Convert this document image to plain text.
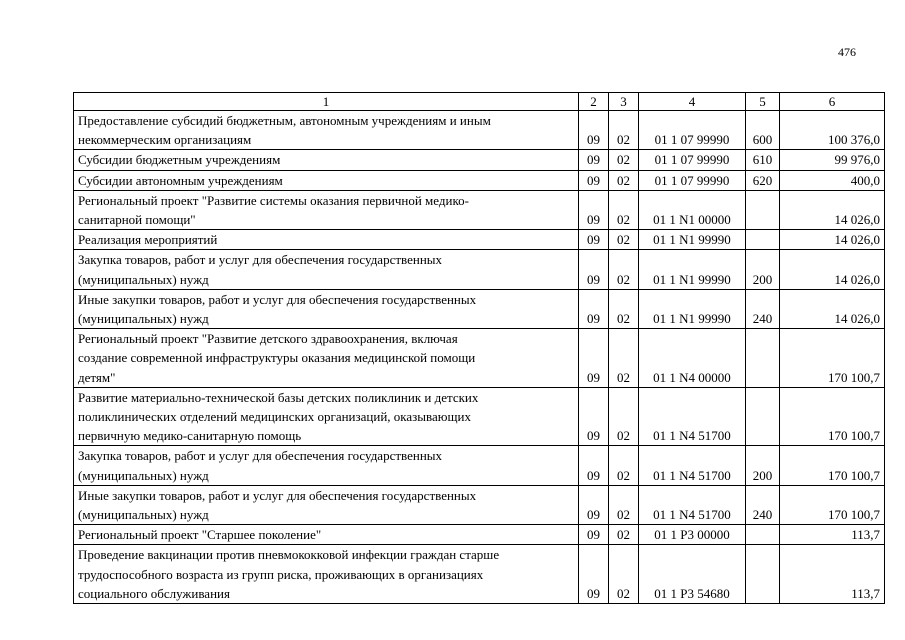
476
1	2	3	4	5	6
Предоставление субсидий бюджетным, автономным учреждениям и иным
некоммерческим организациям	09	02	01 1 07 99990	600	100 376,0
Субсидии бюджетным учреждениям	09	02	01 1 07 99990	610	99 976,0
Субсидии автономным учреждениям	09	02	01 1 07 99990	620	400,0
Региональный проект "Развитие системы оказания первичной медико-
санитарной помощи"	09	02	01 1 N1 00000		14 026,0
Реализация мероприятий	09	02	01 1 N1 99990		14 026,0
Закупка товаров, работ и услуг для обеспечения государственных
(муниципальных) нужд	09	02	01 1 N1 99990	200	14 026,0
Иные закупки товаров, работ и услуг для обеспечения государственных
(муниципальных) нужд	09	02	01 1 N1 99990	240	14 026,0
Региональный проект "Развитие детского здравоохранения, включая
создание современной инфраструктуры оказания медицинской помощи
детям"	09	02	01 1 N4 00000		170 100,7
Развитие материально-технической базы детских поликлиник и детских
поликлинических отделений медицинских организаций, оказывающих
первичную медико-санитарную помощь	09	02	01 1 N4 51700		170 100,7
Закупка товаров, работ и услуг для обеспечения государственных
(муниципальных) нужд	09	02	01 1 N4 51700	200	170 100,7
Иные закупки товаров, работ и услуг для обеспечения государственных
(муниципальных) нужд	09	02	01 1 N4 51700	240	170 100,7
Региональный проект "Старшее поколение"	09	02	01 1 P3 00000		113,7
Проведение вакцинации против пневмококковой инфекции граждан старше
трудоспособного возраста из групп риска, проживающих в организациях
социального обслуживания	09	02	01 1 P3 54680		113,7
